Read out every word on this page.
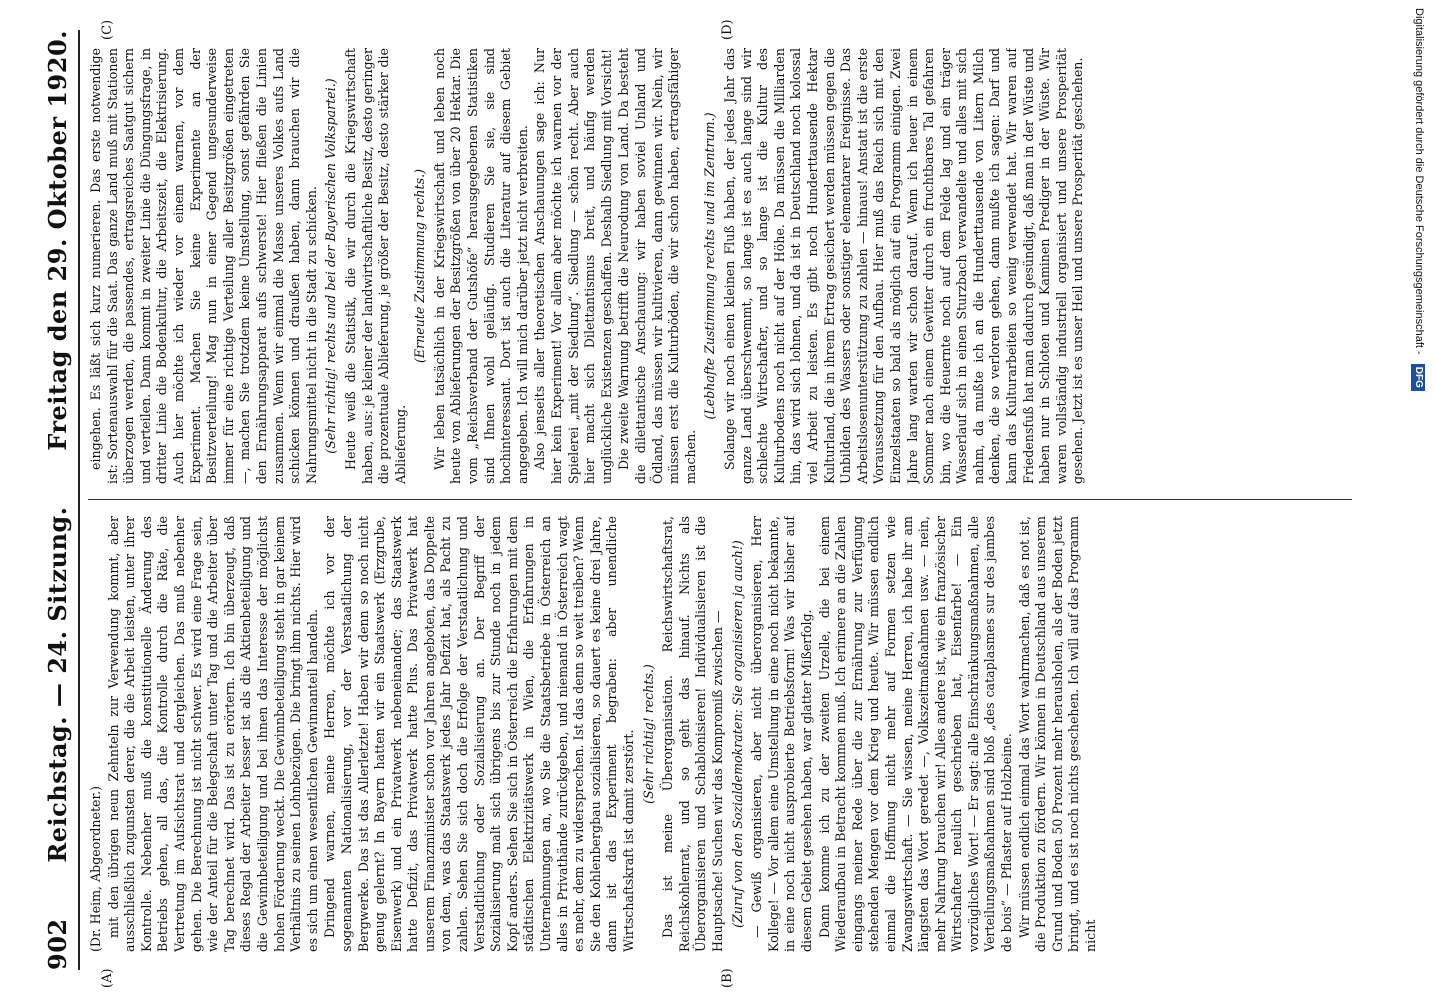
902
Reichstag. — 24. Sitzung.
Freitag den 29. Oktober 1920.
(A)	(B)
(C)	(D)

(Dr. Heim, Abgeordneter.) mit den übrigen neun Zehnteln zur Verwendung kommt, aber ausschließlich zugunsten derer, die die Arbeit leisten, unter ihrer Kontrolle. Nebenher muß die konstitutionelle Änderung des Betriebs gehen, all das, die Kontrolle durch die Räte, die Vertretung im Aufsichtsrat und dergleichen. Das muß nebenher gehen. Die Berechnung ist nicht schwer. Es wird eine Frage sein, wie der Anteil für die Belegschaft unter Tag und die Arbeiter über Tag berechnet wird. Das ist zu erörtern. Ich bin überzeugt, daß dieses Regal der Arbeiter besser ist als die Aktienbeteiligung und die Gewinnbeteiligung und bei ihnen das Interesse der möglichst hohen Förderung weckt. Die Gewinnbeteiligung steht in gar keinem Verhältnis zu seinen Lohnbezügen. Die bringt ihm nichts. Hier wird es sich um einen wesentlichen Gewinnanteil handeln. Dringend warnen, meine Herren, möchte ich vor der sogenannten Nationalisierung, vor der Verstaatlichung der Bergwerke. Das ist das Allerletzte! Haben wir denn so noch nicht genug gelernt? In Bayern hatten wir ein Staatswerk (Erzgrube, Eisenwerk) und ein Privatwerk nebeneinander; das Staatswerk hatte Defizit, das Privatwerk hatte Plus. Das Privatwerk hat unserem Finanzminister schon vor Jahren angeboten, das Doppelte von dem, was das Staatswerk jedes Jahr Defizit hat, als Pacht zu zahlen. Sehen Sie sich doch die Erfolge der Verstaatlichung und Verstadtlichung oder Sozialisierung an. Der Begriff der Sozialisierung malt sich übrigens bis zur Stunde noch in jedem Kopf anders. Sehen Sie sich in Österreich die Erfahrungen mit dem städtischen Elektrizitätswerk in Wien, die Erfahrungen in Unternehmungen an, wo Sie die Staatsbetriebe in Österreich an alles in Privathände zurückgeben, und niemand in Österreich wagt es mehr, dem zu widersprechen. Ist das denn so weit treiben? Wenn Sie den Kohlenbergbau sozialisieren, so dauert es keine drei Jahre, dann ist das Experiment begraben: aber unendliche Wirtschaftskraft ist damit zerstört. (Sehr richtig! rechts.) Das ist meine Überorganisation. Reichswirtschaftsrat, Reichskohlenrat, und so geht das hinauf. Nichts als Überorganisieren und Schablonisieren! Individualisieren ist die Hauptsache! Suchen wir das Kompromiß zwischen — (Zuruf von den Sozialdemokraten: Sie organisieren ja auch!) — Gewiß organisieren, aber nicht überorganisieren, Herr Kollege! — Vor allem eine Umstellung in eine noch nicht bekannte, in eine noch nicht ausprobierte Betriebsform! Was wir bisher auf diesem Gebiet gesehen haben, war glatter Mißerfolg. Dann komme ich zu der zweiten Urzelle, die bei einem Wiederaufbau in Betracht kommen muß. Ich erinnere an die Zahlen eingangs meiner Rede über die zur Ernährung zur Verfügung stehenden Mengen vor dem Krieg und heute. Wir müssen endlich einmal die Hoffnung nicht mehr auf Formen setzen wie Zwangswirtschaft. — Sie wissen, meine Herren, ich habe ihr am längsten das Wort geredet —, Volkszeitmaßnahmen usw. — nein, mehr Nahrung brauchen wir! Alles andere ist, wie ein französischer Wirtschafter neulich geschrieben hat, Eisenfarbe! — Ein vorzügliches Wort! — Er sagt: alle Einschränkungsmaßnahmen, alle Verteilungsmaßnahmen sind bloß „des cataplasmes sur des jambes de bois“ — Pflaster auf Holzbeine. Wir müssen endlich einmal das Wort wahrmachen, daß es not ist, die Produktion zu fördern. Wir können in Deutschland aus unserem Grund und Boden 50 Prozent mehr herausholen, als der Boden jetzt bringt, und es ist noch nichts geschehen. Ich will auf das Programm nicht

eingehen. Es läßt sich kurz numerieren. Das erste notwendige ist: Sortenauswahl für die Saat. Das ganze Land muß mit Stationen überzogen werden, die passendes, ertragsreiches Saatgut sichern und verteilen. Dann kommt in zweiter Linie die Düngungsfrage, in dritter Linie die Bodenkultur, die Arbeitszeit, die Elektrisierung. Auch hier möchte ich wieder vor einem warnen, vor dem Experiment. Machen Sie keine Experimente an der Besitzverteilung! Mag nun in einer Gegend ungesunderweise immer für eine richtige Verteilung aller Besitzgrößen eingetreten —, machen Sie trotzdem keine Umstellung, sonst gefährden Sie den Ernährungsapparat aufs schwerste! Hier fließen die Linien zusammen. Wenn wir einmal die Masse unseres Volkes aufs Land schicken können und draußen haben, dann brauchen wir die Nahrungsmittel nicht in die Stadt zu schicken. (Sehr richtig! rechts und bei der Bayerischen Volkspartei.) Heute weiß die Statistik, die wir durch die Kriegswirtschaft haben, aus: je kleiner der landwirtschaftliche Besitz, desto geringer die prozentuale Ablieferung, je größer der Besitz, desto stärker die Ablieferung.

(Erneute Zustimmung rechts.) Wir leben tatsächlich in der Kriegswirtschaft und leben noch heute von Ablieferungen der Besitzgrößen von über 20 Hektar. Die vom „Reichsverband der Gutshöfe“ herausgegebenen Statistiken sind Ihnen wohl geläufig. Studieren Sie sie, sie sind hochinteressant. Dort ist auch die Literatur auf diesem Gebiet angegeben. Ich will mich darüber jetzt nicht verbreiten. Also jenseits aller theoretischen Anschauungen sage ich: Nur hier kein Experiment! Vor allem aber möchte ich warnen vor der Spielerei „mit der Siedlung“. Siedlung — schön recht. Aber auch hier macht sich Dilettantismus breit, und häufig werden unglückliche Existenzen geschaffen. Deshalb Siedlung mit Vorsicht! Die zweite Warnung betrifft die Neurodung von Land. Da besteht die dilettantische Anschauung: wir haben soviel Unland und Ödland, das müssen wir kultivieren, dann gewinnen wir. Nein, wir müssen erst die Kulturböden, die wir schon haben, ertragsfähiger machen.

(Lebhafte Zustimmung rechts und im Zentrum.) Solange wir noch einen kleinen Fluß haben, der jedes Jahr das ganze Land überschwemmt, so lange ist es auch lange sind wir schlechte Wirtschafter, und so lange ist die Kultur des Kulturbodens noch nicht auf der Höhe. Da müssen die Milliarden hin, das wird sich lohnen, und da ist in Deutschland noch kolossal viel Arbeit zu leisten. Es gibt noch Hunderttausende Hektar Kulturland, die in ihrem Ertrag gesichert werden müssen gegen die Unbilden des Wassers oder sonstiger elementarer Ereignisse. Das Arbeitslosenunterstützung zu zahlen — hinaus! Anstatt ist die erste Voraussetzung für den Aufbau. Hier muß das Reich sich mit den Einzelstaaten so bald als möglich auf ein Programm einigen. Zwei Jahre lang warten wir schon darauf. Wenn ich heuer in einem Sommer nach einem Gewitter durch ein fruchtbares Tal gefahren bin, wo die Heuernte noch auf dem Felde lag und ein träger Wasserlauf sich in einen Sturzbach verwandelte und alles mit sich nahm, da mußte ich an die Hunderttausende von Litern Milch denken, die so verloren gehen, dann mußte ich sagen: Darf und kann das Kulturarbeiten so wenig verwendet hat. Wir waren auf Friedensfuß hat man dadurch gesündigt, daß man in der Wüste und haben nur in Schloten und Kaminen Prediger in der Wüste. Wir waren vollständig industriell organisiert und unsere Prosperität gesehen. Jetzt ist es unser Heil und unsere Prosperität geschehen.	Digitalisierung gefördert durch die Deutsche Forschungsgemeinschaft - DFG
